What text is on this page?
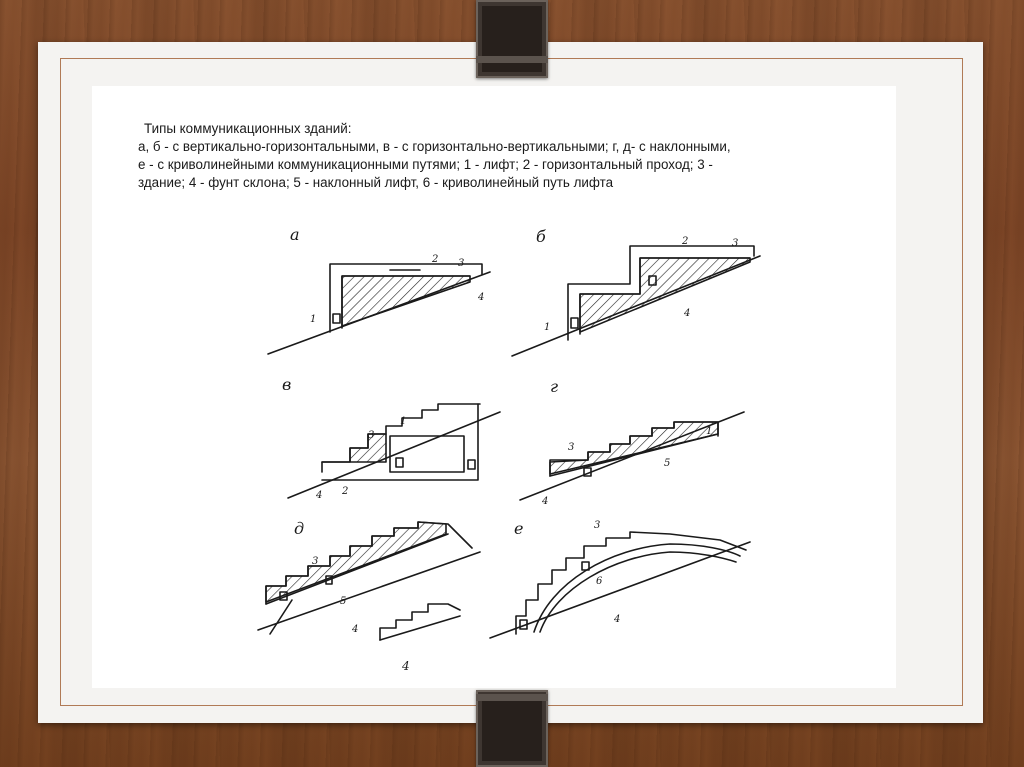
Типы коммуникационных зданий:
а, б - с вертикально-горизонтальными, в - с горизонтально-вертикальными; г, д- с наклонными,
е - с криволинейными коммуникационными путями; 1 - лифт; 2 - горизонтальный проход; 3 -
здание; 4 - фунт склона; 5 - наклонный лифт, 6 - криволинейный путь лифта
а
1
2 3
4
б
1
2	3
4
в
1
2
3
4
г
1
3
4
5
д
3
4
5
4
е	3
4
6
